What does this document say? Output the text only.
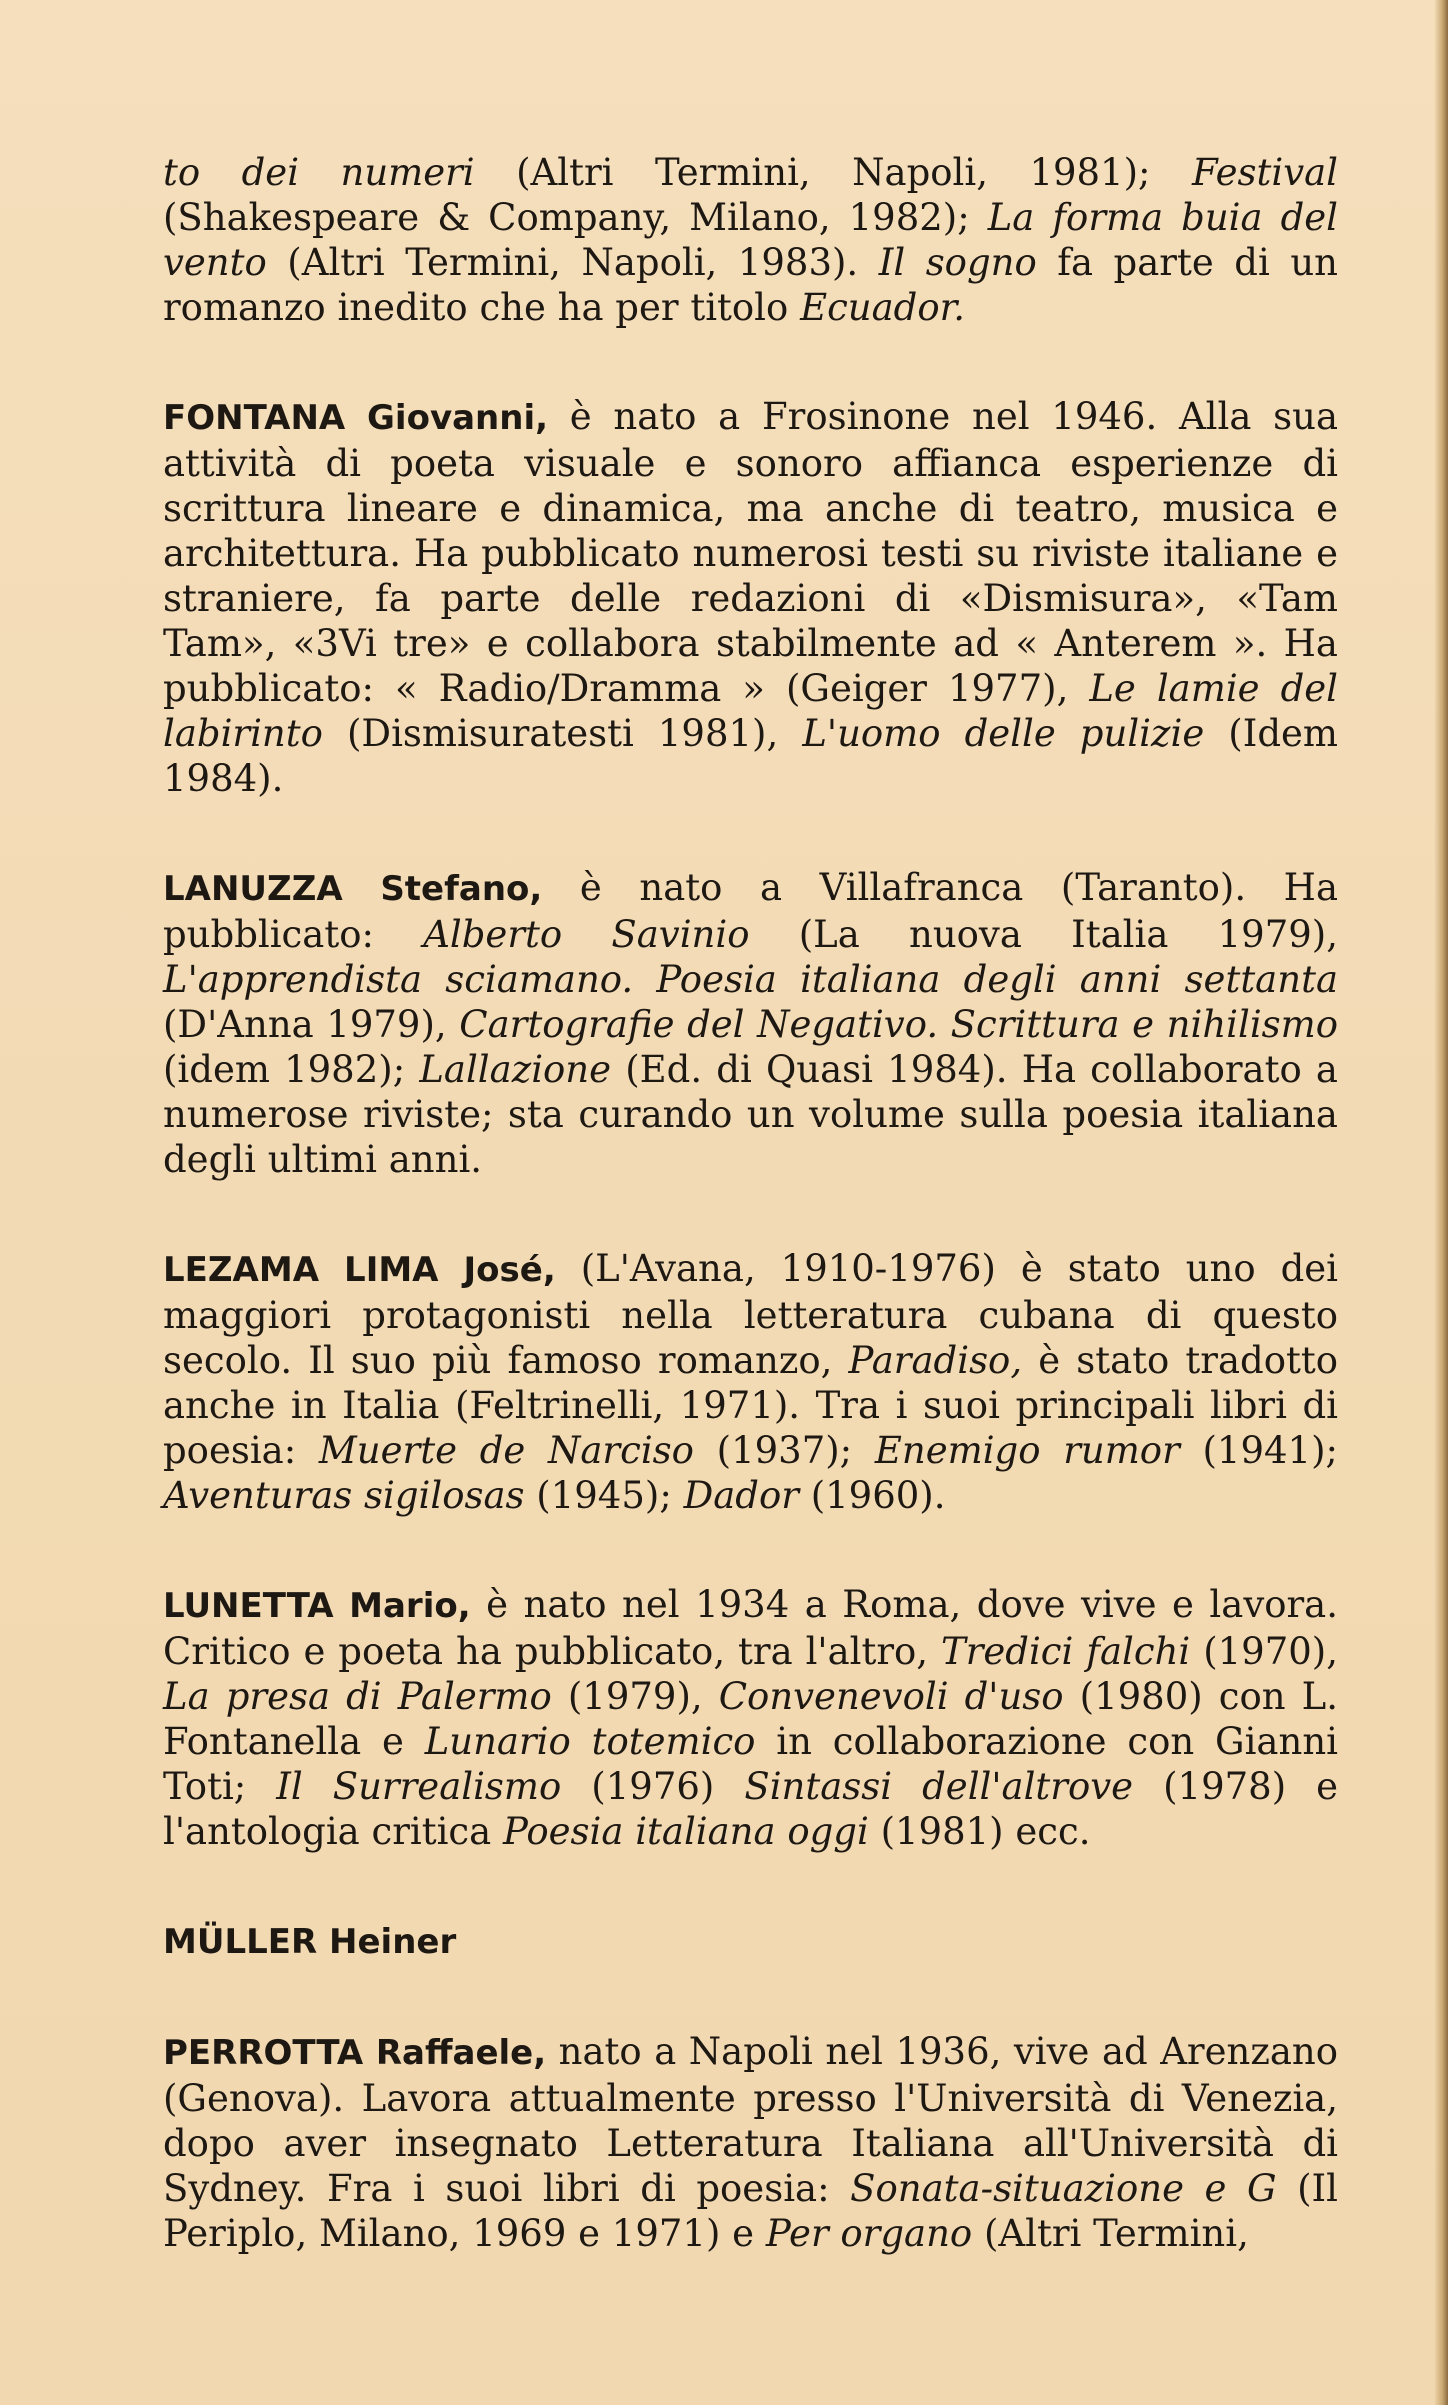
to dei numeri (Altri Termini, Napoli, 1981); Festival (Shakespeare & Company, Milano, 1982); La forma buia del vento (Altri Termini, Napoli, 1983). Il sogno fa parte di un romanzo inedito che ha per titolo Ecuador.

FONTANA Giovanni, è nato a Frosinone nel 1946. Alla sua attività di poeta visuale e sonoro affianca esperienze di scrittura lineare e dinamica, ma anche di teatro, musica e architettura. Ha pubblicato numerosi testi su riviste italiane e straniere, fa parte delle redazioni di «Dismisura», «Tam Tam», «3Vi tre» e collabora stabilmente ad « Anterem ». Ha pubblicato: « Radio/Dramma » (Geiger 1977), Le lamie del labirinto (Dismisuratesti 1981), L'uomo delle pulizie (Idem 1984).

LANUZZA Stefano, è nato a Villafranca (Taranto). Ha pubblicato: Alberto Savinio (La nuova Italia 1979), L'apprendista sciamano. Poesia italiana degli anni settanta (D'Anna 1979), Cartografie del Negativo. Scrittura e nihilismo (idem 1982); Lallazione (Ed. di Quasi 1984). Ha collaborato a numerose riviste; sta curando un volume sulla poesia italiana degli ultimi anni.

LEZAMA LIMA José, (L'Avana, 1910-1976) è stato uno dei maggiori protagonisti nella letteratura cubana di questo secolo. Il suo più famoso romanzo, Paradiso, è stato tradotto anche in Italia (Feltrinelli, 1971). Tra i suoi principali libri di poesia: Muerte de Narciso (1937); Enemigo rumor (1941); Aventuras sigilosas (1945); Dador (1960).

LUNETTA Mario, è nato nel 1934 a Roma, dove vive e lavora. Critico e poeta ha pubblicato, tra l'altro, Tredici falchi (1970), La presa di Palermo (1979), Convenevoli d'uso (1980) con L. Fontanella e Lunario totemico in collaborazione con Gianni Toti; Il Surrealismo (1976) Sintassi dell'altrove (1978) e l'antologia critica Poesia italiana oggi (1981) ecc.

MÜLLER Heiner

PERROTTA Raffaele, nato a Napoli nel 1936, vive ad Arenzano (Genova). Lavora attualmente presso l'Università di Venezia, dopo aver insegnato Letteratura Italiana all'Università di Sydney. Fra i suoi libri di poesia: Sonata-situazione e G (Il Periplo, Milano, 1969 e 1971) e Per organo (Altri Termini,
